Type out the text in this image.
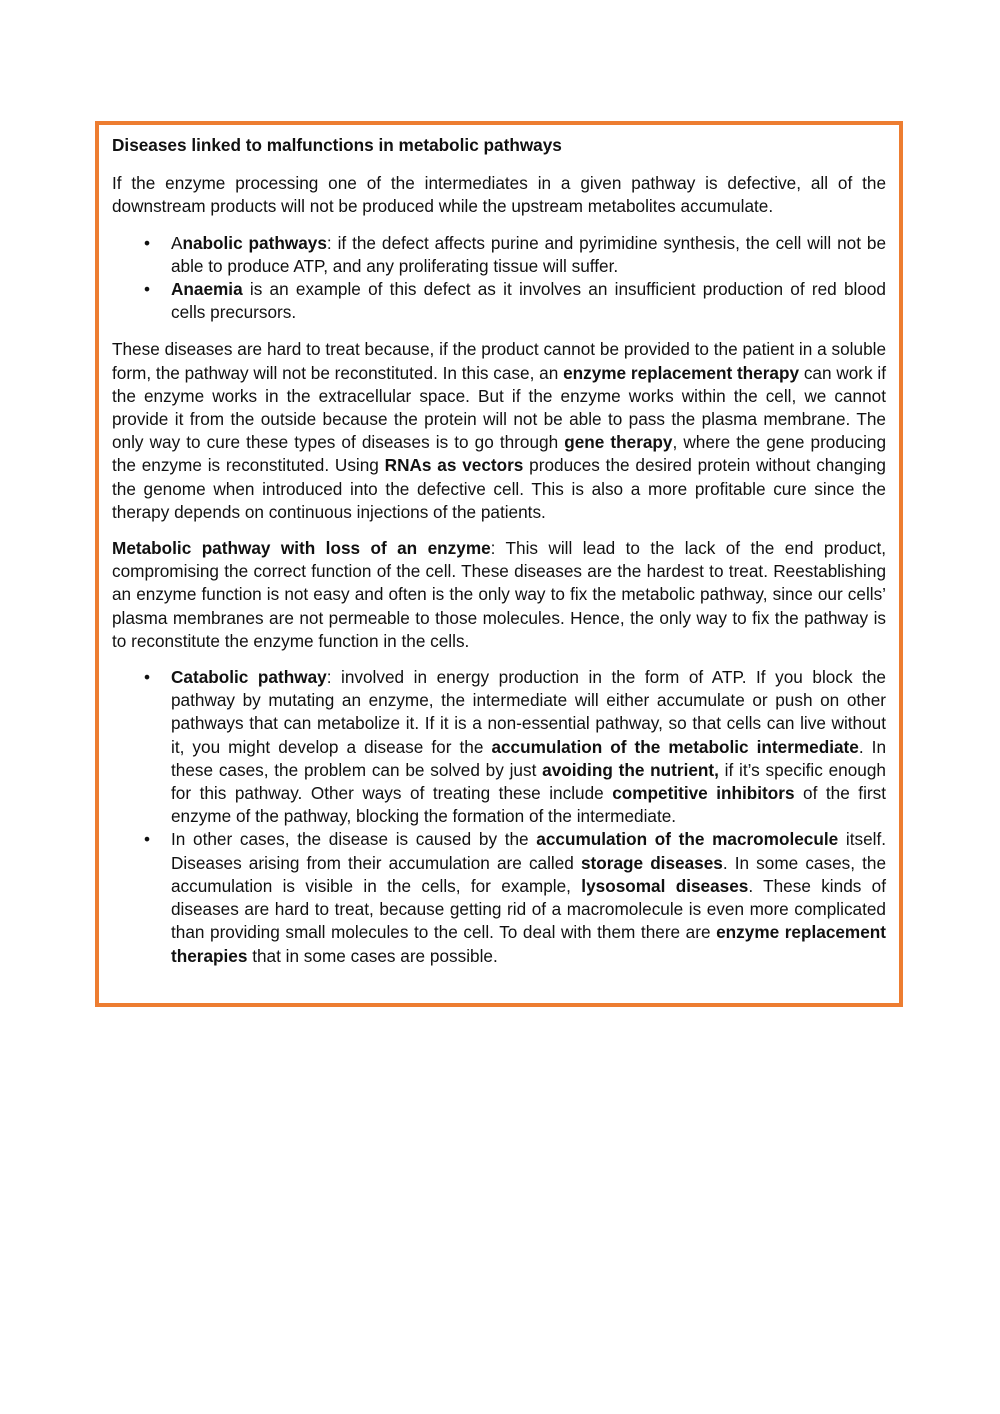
Diseases linked to malfunctions in metabolic pathways

If the enzyme processing one of the intermediates in a given pathway is defective, all of the downstream products will not be produced while the upstream metabolites accumulate.

• Anabolic pathways: if the defect affects purine and pyrimidine synthesis, the cell will not be able to produce ATP, and any proliferating tissue will suffer.
• Anaemia is an example of this defect as it involves an insufficient production of red blood cells precursors.

These diseases are hard to treat because, if the product cannot be provided to the patient in a soluble form, the pathway will not be reconstituted. In this case, an enzyme replacement therapy can work if the enzyme works in the extracellular space. But if the enzyme works within the cell, we cannot provide it from the outside because the protein will not be able to pass the plasma membrane. The only way to cure these types of diseases is to go through gene therapy, where the gene producing the enzyme is reconstituted. Using RNAs as vectors produces the desired protein without changing the genome when introduced into the defective cell. This is also a more profitable cure since the therapy depends on continuous injections of the patients.

Metabolic pathway with loss of an enzyme: This will lead to the lack of the end product, compromising the correct function of the cell. These diseases are the hardest to treat. Reestablishing an enzyme function is not easy and often is the only way to fix the metabolic pathway, since our cells’ plasma membranes are not permeable to those molecules. Hence, the only way to fix the pathway is to reconstitute the enzyme function in the cells.

• Catabolic pathway: involved in energy production in the form of ATP. If you block the pathway by mutating an enzyme, the intermediate will either accumulate or push on other pathways that can metabolize it. If it is a non-essential pathway, so that cells can live without it, you might develop a disease for the accumulation of the metabolic intermediate. In these cases, the problem can be solved by just avoiding the nutrient, if it’s specific enough for this pathway. Other ways of treating these include competitive inhibitors of the first enzyme of the pathway, blocking the formation of the intermediate.
• In other cases, the disease is caused by the accumulation of the macromolecule itself. Diseases arising from their accumulation are called storage diseases. In some cases, the accumulation is visible in the cells, for example, lysosomal diseases. These kinds of diseases are hard to treat, because getting rid of a macromolecule is even more complicated than providing small molecules to the cell. To deal with them there are enzyme replacement therapies that in some cases are possible.
